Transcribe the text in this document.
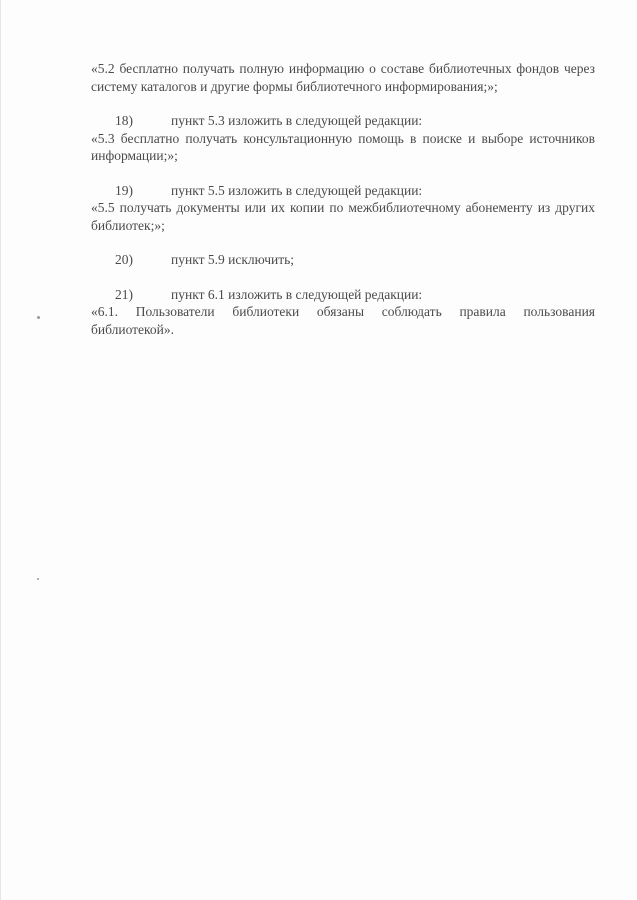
«5.2 бесплатно получать полную информацию о составе библиотечных фондов через систему каталогов и другие формы библиотечного информирования;»;

18)	пункт 5.3 изложить в следующей редакции:

«5.3 бесплатно получать консультационную помощь в поиске и выборе источников информации;»;

19)	пункт 5.5 изложить в следующей редакции:

«5.5 получать документы или их копии по межбиблиотечному абонементу из других библиотек;»;

20)	пункт 5.9 исключить;
21)	пункт 6.1 изложить в следующей редакции:

«6.1. Пользователи библиотеки обязаны соблюдать правила пользования библиотекой».
